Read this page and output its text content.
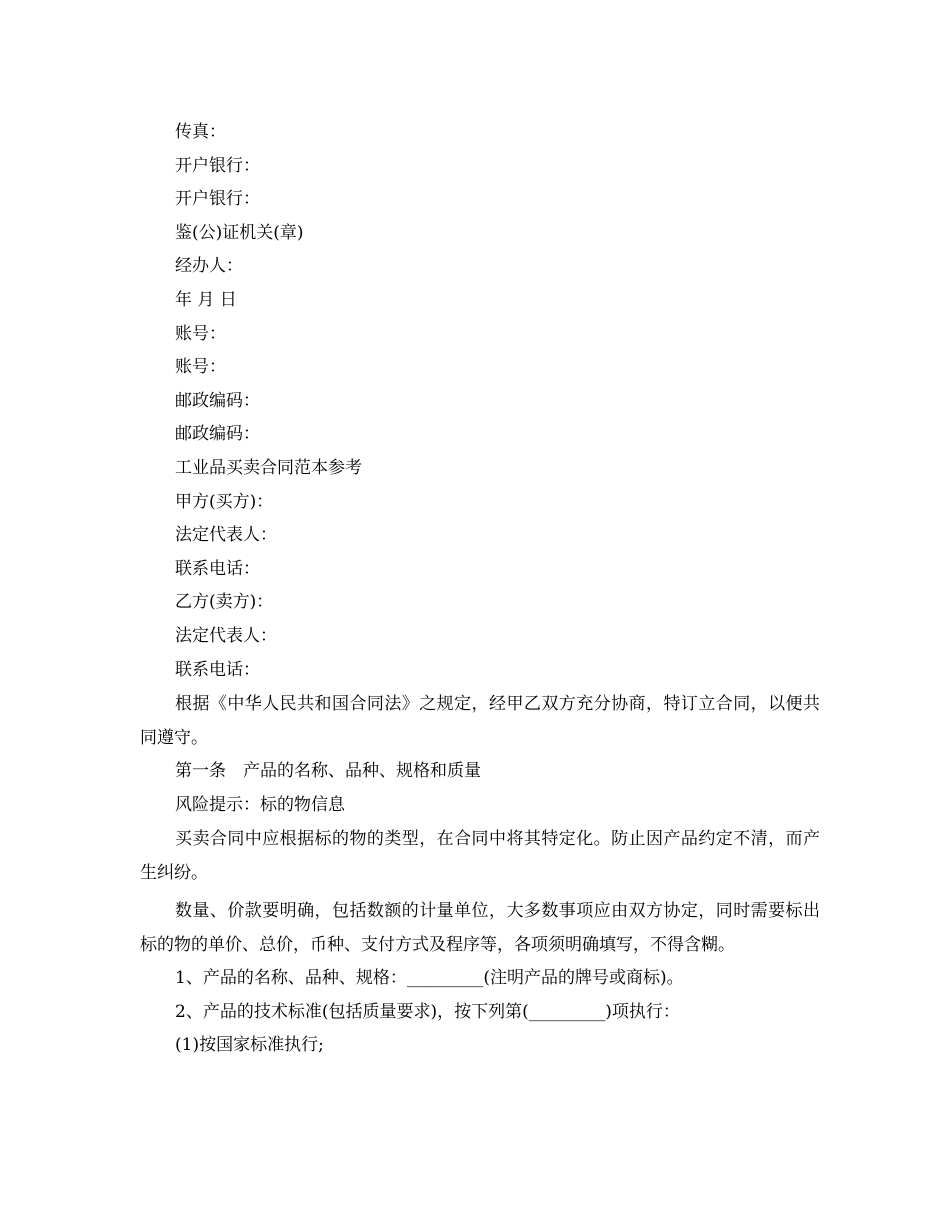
传真：

开户银行：

开户银行：

鉴(公)证机关(章)

经办人：

年 月 日

账号：

账号：

邮政编码：

邮政编码：

工业品买卖合同范本参考

甲方(买方)：

法定代表人：

联系电话：

乙方(卖方)：

法定代表人：

联系电话：

根据《中华人民共和国合同法》之规定，经甲乙双方充分协商，特订立合同，以便共同遵守。

第一条　产品的名称、品种、规格和质量

风险提示：标的物信息

买卖合同中应根据标的物的类型，在合同中将其特定化。防止因产品约定不清，而产生纠纷。

数量、价款要明确，包括数额的计量单位，大多数事项应由双方协定，同时需要标出标的物的单价、总价，币种、支付方式及程序等，各项须明确填写，不得含糊。

1、产品的名称、品种、规格：_________(注明产品的牌号或商标)。

2、产品的技术标准(包括质量要求)，按下列第(_________)项执行：

(1)按国家标准执行;
